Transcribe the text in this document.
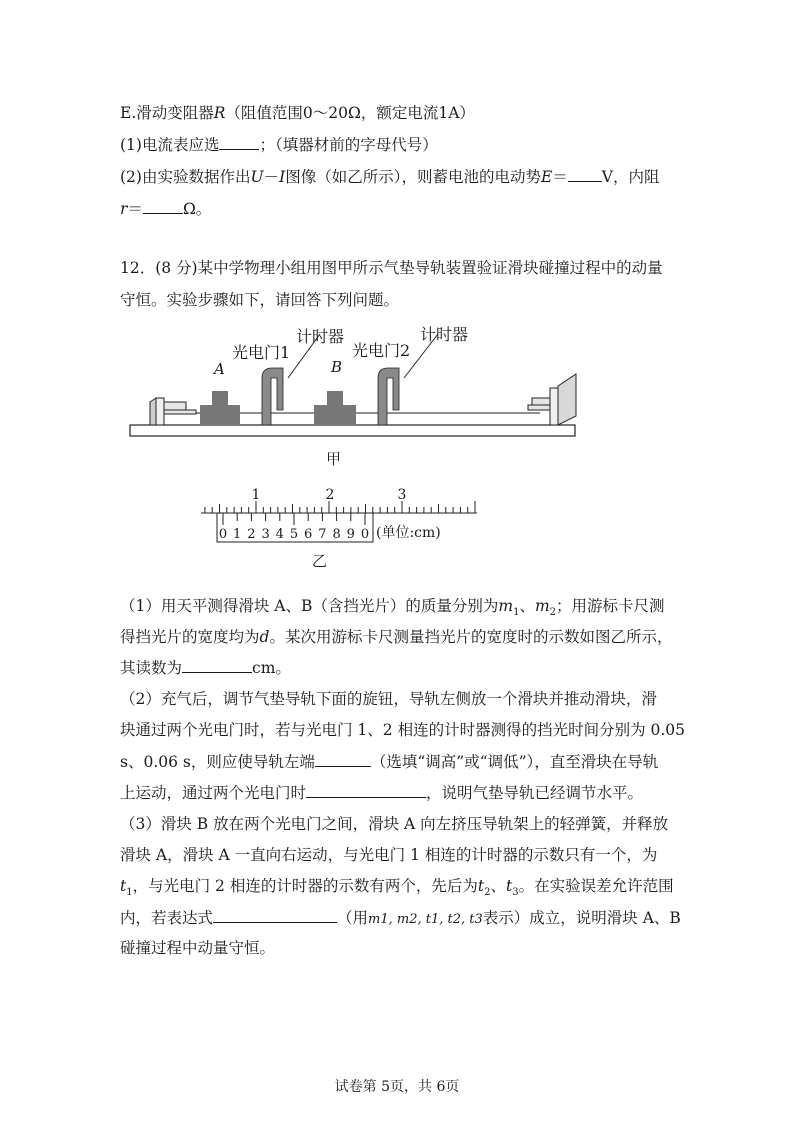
E.滑动变阻器R（阻值范围0～20Ω，额定电流1A）
(1)电流表应选	；（填器材前的字母代号）
(2)由实验数据作出U－I图像（如乙所示），则蓄电池的电动势E＝ V，内阻
r＝	Ω。
12．(8 分)某中学物理小组用图甲所示气垫导轨装置验证滑块碰撞过程中的动量
守恒。实验步骤如下，请回答下列问题。
计时器	计时器
光电门1	光电门2
A	B
甲
1	2	3
0 1 2 3 4 5 6 7 8 9 0 (单位:cm)
乙
（1）用天平测得滑块 A、B（含挡光片）的质量分别为$m_1$、$m_2$；用游标卡尺测
得挡光片的宽度均为d。某次用游标卡尺测量挡光片的宽度时的示数如图乙所示，
其读数为	cm。
（2）充气后，调节气垫导轨下面的旋钮，导轨左侧放一个滑块并推动滑块，滑
块通过两个光电门时，若与光电门 1、2 相连的计时器测得的挡光时间分别为 0.05
s、0.06 s，则应使导轨左端	（选填“调高”或“调低”），直至滑块在导轨
上运动，通过两个光电门时	，说明气垫导轨已经调节水平。
（3）滑块 B 放在两个光电门之间，滑块 A 向左挤压导轨架上的轻弹簧，并释放
滑块 A，滑块 A 一直向右运动，与光电门 1 相连的计时器的示数只有一个，为
$t_1$，与光电门 2 相连的计时器的示数有两个，先后为$t_2$、$t_3$。在实验误差允许范围
内，若表达式	（用m1, m2, t1, t2, t3表示）成立，说明滑块 A、B
碰撞过程中动量守恒。
试卷第 5页，共 6页
